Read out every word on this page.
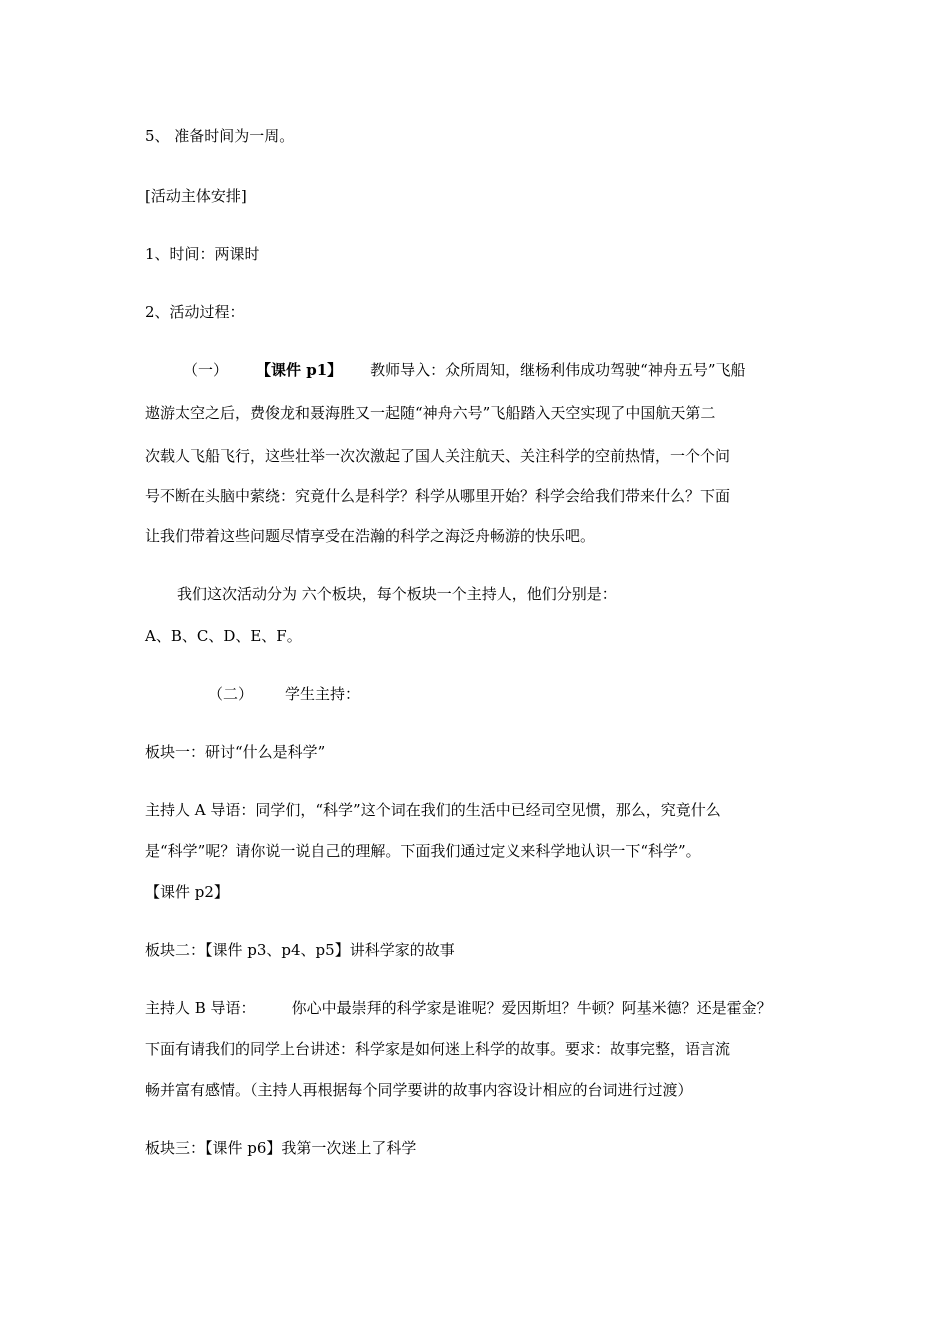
5、 准备时间为一周。
[活动主体安排]
1、时间：两课时
2、活动过程：
（一） 【课件 p1】 教师导入：众所周知，继杨利伟成功驾驶“神舟五号”飞船
遨游太空之后，费俊龙和聂海胜又一起随“神舟六号”飞船踏入天空实现了中国航天第二
次载人飞船飞行，这些壮举一次次激起了国人关注航天、关注科学的空前热情，一个个问
号不断在头脑中萦绕：究竟什么是科学？科学从哪里开始？科学会给我们带来什么？下面
让我们带着这些问题尽情享受在浩瀚的科学之海泛舟畅游的快乐吧。
我们这次活动分为 六个板块，每个板块一个主持人，他们分别是：
A、B、C、D、E、F。
（二） 学生主持：
板块一：研讨“什么是科学”
主持人 A 导语：同学们，“科学”这个词在我们的生活中已经司空见惯，那么，究竟什么
是“科学”呢？请你说一说自己的理解。下面我们通过定义来科学地认识一下“科学”。
【课件 p2】
板块二：【课件 p3、p4、p5】讲科学家的故事
主持人 B 导语： 你心中最崇拜的科学家是谁呢？爱因斯坦？牛顿？阿基米德？还是霍金？
下面有请我们的同学上台讲述：科学家是如何迷上科学的故事。要求：故事完整，语言流
畅并富有感情。（主持人再根据每个同学要讲的故事内容设计相应的台词进行过渡）
板块三：【课件 p6】我第一次迷上了科学
